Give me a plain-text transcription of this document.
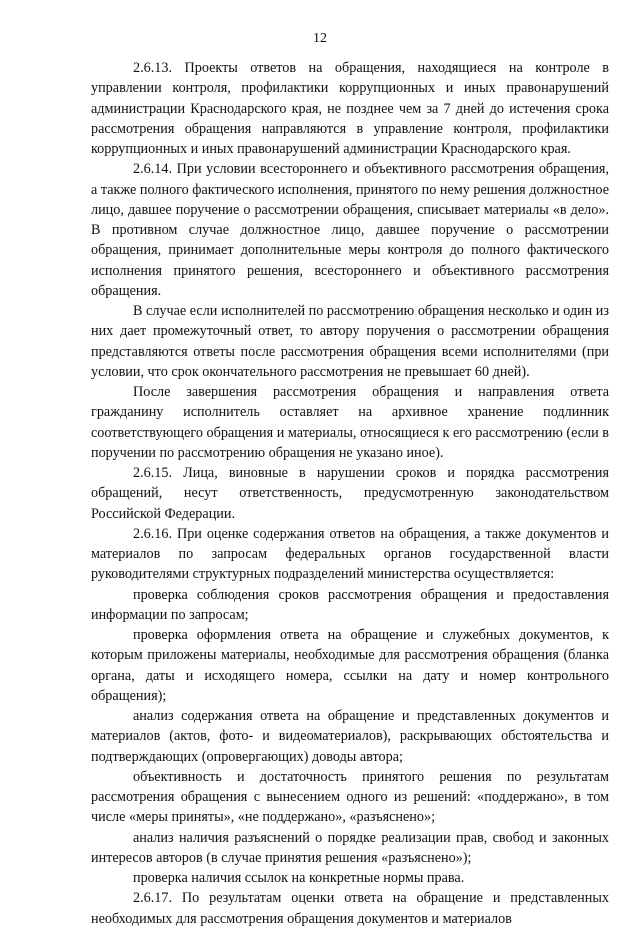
12

2.6.13. Проекты ответов на обращения, находящиеся на контроле в управлении контроля, профилактики коррупционных и иных правонарушений администрации Краснодарского края, не позднее чем за 7 дней до истечения срока рассмотрения обращения направляются в управление контроля, профилактики коррупционных и иных правонарушений администрации Краснодарского края.

2.6.14. При условии всестороннего и объективного рассмотрения обращения, а также полного фактического исполнения, принятого по нему решения должностное лицо, давшее поручение о рассмотрении обращения, списывает материалы «в дело». В противном случае должностное лицо, давшее поручение о рассмотрении обращения, принимает дополнительные меры контроля до полного фактического исполнения принятого решения, всестороннего и объективного рассмотрения обращения.

В случае если исполнителей по рассмотрению обращения несколько и один из них дает промежуточный ответ, то автору поручения о рассмотрении обращения представляются ответы после рассмотрения обращения всеми исполнителями (при условии, что срок окончательного рассмотрения не превышает 60 дней).

После завершения рассмотрения обращения и направления ответа гражданину исполнитель оставляет на архивное хранение подлинник соответствующего обращения и материалы, относящиеся к его рассмотрению (если в поручении по рассмотрению обращения не указано иное).

2.6.15. Лица, виновные в нарушении сроков и порядка рассмотрения обращений, несут ответственность, предусмотренную законодательством Российской Федерации.

2.6.16. При оценке содержания ответов на обращения, а также документов и материалов по запросам федеральных органов государственной власти руководителями структурных подразделений министерства осуществляется:

проверка соблюдения сроков рассмотрения обращения и предоставления информации по запросам;

проверка оформления ответа на обращение и служебных документов, к которым приложены материалы, необходимые для рассмотрения обращения (бланка органа, даты и исходящего номера, ссылки на дату и номер контрольного обращения);

анализ содержания ответа на обращение и представленных документов и материалов (актов, фото- и видеоматериалов), раскрывающих обстоятельства и подтверждающих (опровергающих) доводы автора;

объективность и достаточность принятого решения по результатам рассмотрения обращения с вынесением одного из решений: «поддержано», в том числе «меры приняты», «не поддержано», «разъяснено»;

анализ наличия разъяснений о порядке реализации прав, свобод и законных интересов авторов (в случае принятия решения «разъяснено»);

проверка наличия ссылок на конкретные нормы права.

2.6.17. По результатам оценки ответа на обращение и представленных необходимых для рассмотрения обращения документов и материалов
